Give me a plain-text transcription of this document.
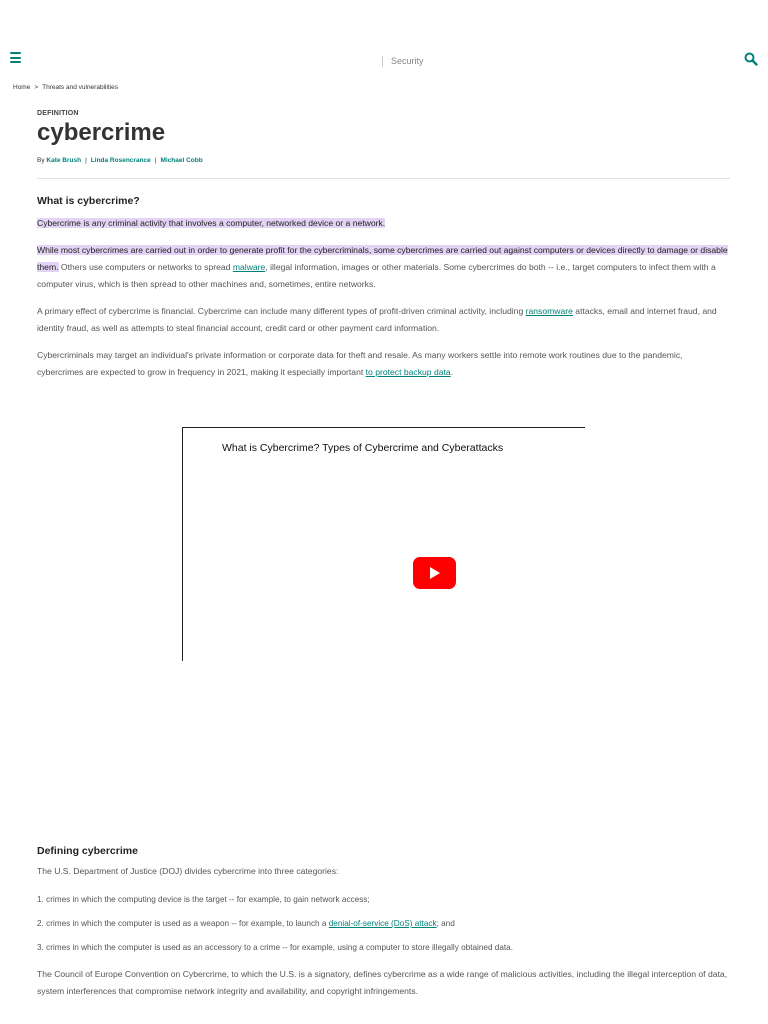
Security
Home > Threats and vulnerabilities
DEFINITION
cybercrime
By Kate Brush | Linda Rosencrance | Michael Cobb
What is cybercrime?

Cybercrime is any criminal activity that involves a computer, networked device or a network.

While most cybercrimes are carried out in order to generate profit for the cybercriminals, some cybercrimes are carried out against computers or devices directly to damage or disable them. Others use computers or networks to spread malware, illegal information, images or other materials. Some cybercrimes do both -- i.e., target computers to infect them with a computer virus, which is then spread to other machines and, sometimes, entire networks.

A primary effect of cybercrime is financial. Cybercrime can include many different types of profit-driven criminal activity, including ransomware attacks, email and internet fraud, and identity fraud, as well as attempts to steal financial account, credit card or other payment card information.

Cybercriminals may target an individual's private information or corporate data for theft and resale. As many workers settle into remote work routines due to the pandemic, cybercrimes are expected to grow in frequency in 2021, making it especially important to protect backup data.

What is Cybercrime? Types of Cybercrime and Cyberattacks
Defining cybercrime

The U.S. Department of Justice (DOJ) divides cybercrime into three categories:

1. crimes in which the computing device is the target -- for example, to gain network access;
2. crimes in which the computer is used as a weapon -- for example, to launch a denial-of-service (DoS) attack; and
3. crimes in which the computer is used as an accessory to a crime -- for example, using a computer to store illegally obtained data.

The Council of Europe Convention on Cybercrime, to which the U.S. is a signatory, defines cybercrime as a wide range of malicious activities, including the illegal interception of data, system interferences that compromise network integrity and availability, and copyright infringements.
